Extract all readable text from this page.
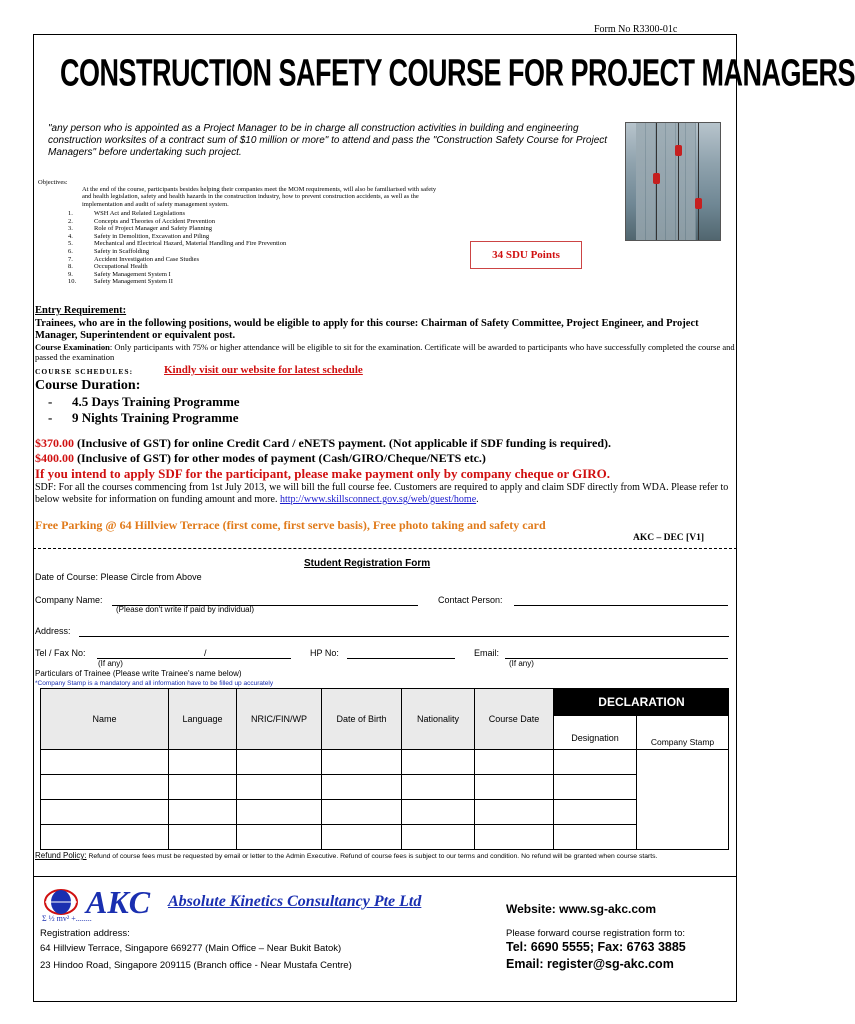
Form No R3300-01c
CONSTRUCTION SAFETY COURSE FOR PROJECT MANAGERS
"any person who is appointed as a Project Manager to be in charge all construction activities in building and engineering construction worksites of a contract sum of $10 million or more" to attend and pass the "Construction Safety Course for Project Managers" before undertaking such project.
Objectives:
At the end of the course, participants besides helping their companies meet the MOM requirements, will also be familiarised with safety and health legislation, safety and health hazards in the construction industry, how to prevent construction accidents, as well as the implementation and audit of safety management system.
1.	WSH Act and Related Legislations
2.	Concepts and Theories of Accident Prevention
3.	Role of Project Manager and Safety Planning
4.	Safety in Demolition, Excavation and Piling
5.	Mechanical and Electrical Hazard, Material Handling and Fire Prevention
6.	Safety in Scaffolding
7.	Accident Investigation and Case Studies
8.	Occupational Health
9.	Safety Management System I
10.	Safety Management System II
34 SDU Points
Entry Requirement:
Trainees, who are in the following positions, would be eligible to apply for this course: Chairman of Safety Committee, Project Engineer, and Project Manager, Superintendent or equivalent post.
Course Examination: Only participants with 75% or higher attendance will be eligible to sit for the examination. Certificate will be awarded to participants who have successfully completed the course and passed the examination
COURSE SCHEDULES:	Kindly visit our website for latest schedule
Course Duration:
- 4.5 Days Training Programme
- 9 Nights Training Programme
$370.00 (Inclusive of GST) for online Credit Card / eNETS payment. (Not applicable if SDF funding is required).
$400.00 (Inclusive of GST) for other modes of payment (Cash/GIRO/Cheque/NETS etc.)
If you intend to apply SDF for the participant, please make payment only by company cheque or GIRO.
SDF: For all the courses commencing from 1st July 2013, we will bill the full course fee. Customers are required to apply and claim SDF directly from WDA. Please refer to below website for information on funding amount and more. http://www.skillsconnect.gov.sg/web/guest/home.
Free Parking @ 64 Hillview Terrace (first come, first serve basis), Free photo taking and safety card
AKC – DEC [V1]
Student Registration Form
Date of Course: Please Circle from Above
Company Name:
(Please don't write if paid by individual)
Contact Person:
Address:
Tel / Fax No:	/
(If any)
HP No:	Email:
(If any)
Particulars of Trainee (Please write Trainee's name below)
*Company Stamp is a mandatory and all information have to be filled up accurately
Name	Language	NRIC/FIN/WP	Date of Birth	Nationality	Course Date	Designation	Company Stamp

DECLARATION
Refund Policy: Refund of course fees must be requested by email or letter to the Admin Executive. Refund of course fees is subject to our terms and condition. No refund will be granted when course starts.
AKC
Σ ½ mv² +........
Absolute Kinetics Consultancy Pte Ltd	Website: www.sg-akc.com
Registration address:
64 Hillview Terrace, Singapore 669277 (Main Office – Near Bukit Batok)
23 Hindoo Road, Singapore 209115 (Branch office - Near Mustafa Centre)
Please forward course registration form to:
Tel: 6690 5555; Fax: 6763 3885
Email: register@sg-akc.com
